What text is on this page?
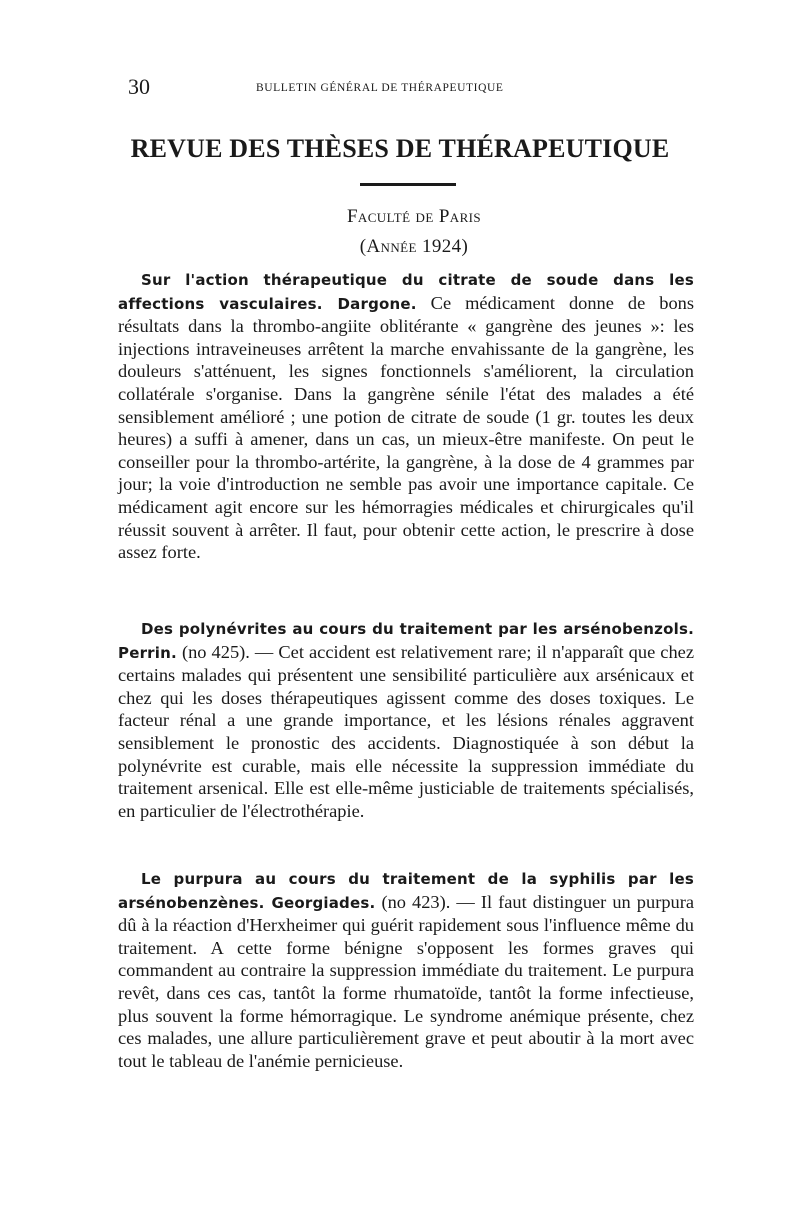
30	BULLETIN GÉNÉRAL DE THÉRAPEUTIQUE
REVUE DES THÈSES DE THÉRAPEUTIQUE
Faculté de Paris
(Année 1924)

Sur l'action thérapeutique du citrate de soude dans les affections vasculaires. Dargone. Ce médicament donne de bons résultats dans la thrombo-angiite oblitérante « gangrène des jeunes »: les injections intraveineuses arrêtent la marche envahissante de la gangrène, les douleurs s'atténuent, les signes fonctionnels s'améliorent, la circulation collatérale s'organise. Dans la gangrène sénile l'état des malades a été sensiblement amélioré ; une potion de citrate de soude (1 gr. toutes les deux heures) a suffi à amener, dans un cas, un mieux-être manifeste. On peut le conseiller pour la thrombo-artérite, la gangrène, à la dose de 4 grammes par jour; la voie d'introduction ne semble pas avoir une importance capitale. Ce médicament agit encore sur les hémorragies médicales et chirurgicales qu'il réussit souvent à arrêter. Il faut, pour obtenir cette action, le prescrire à dose assez forte.

Des polynévrites au cours du traitement par les arsénobenzols. Perrin. (no 425). — Cet accident est relativement rare; il n'apparaît que chez certains malades qui présentent une sensibilité particulière aux arsénicaux et chez qui les doses thérapeutiques agissent comme des doses toxiques. Le facteur rénal a une grande importance, et les lésions rénales aggravent sensiblement le pronostic des accidents. Diagnostiquée à son début la polynévrite est curable, mais elle nécessite la suppression immédiate du traitement arsenical. Elle est elle-même justiciable de traitements spécialisés, en particulier de l'électrothérapie.

Le purpura au cours du traitement de la syphilis par les arsénobenzènes. Georgiades. (no 423). — Il faut distinguer un purpura dû à la réaction d'Herxheimer qui guérit rapidement sous l'influence même du traitement. A cette forme bénigne s'opposent les formes graves qui commandent au contraire la suppression immédiate du traitement. Le purpura revêt, dans ces cas, tantôt la forme rhumatoïde, tantôt la forme infectieuse, plus souvent la forme hémorragique. Le syndrome anémique présente, chez ces malades, une allure particulièrement grave et peut aboutir à la mort avec tout le tableau de l'anémie pernicieuse.
